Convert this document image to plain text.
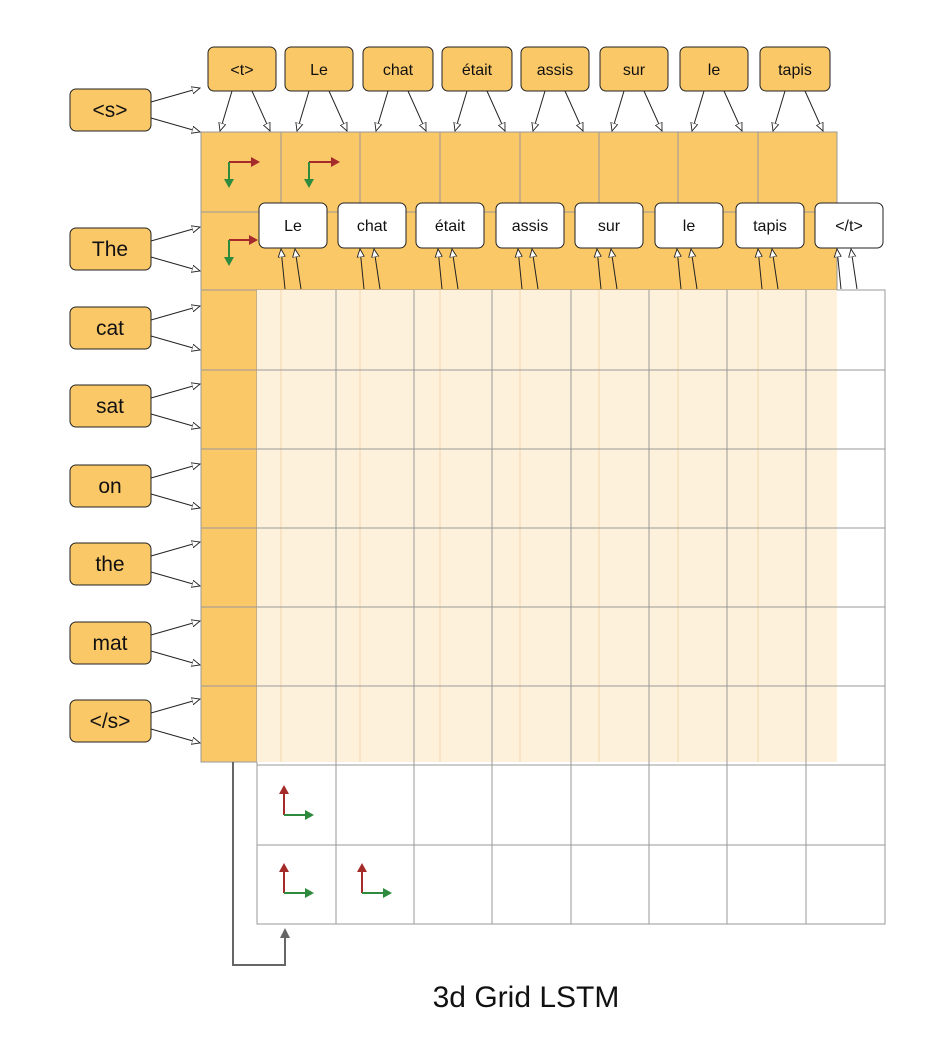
<t>	Le	chat	était	assis	sur	le	tapis
Le	chat	était	assis	sur	le	tapis	</t>
<s>
The
cat
sat
on
the
mat
</s>
3d Grid LSTM
